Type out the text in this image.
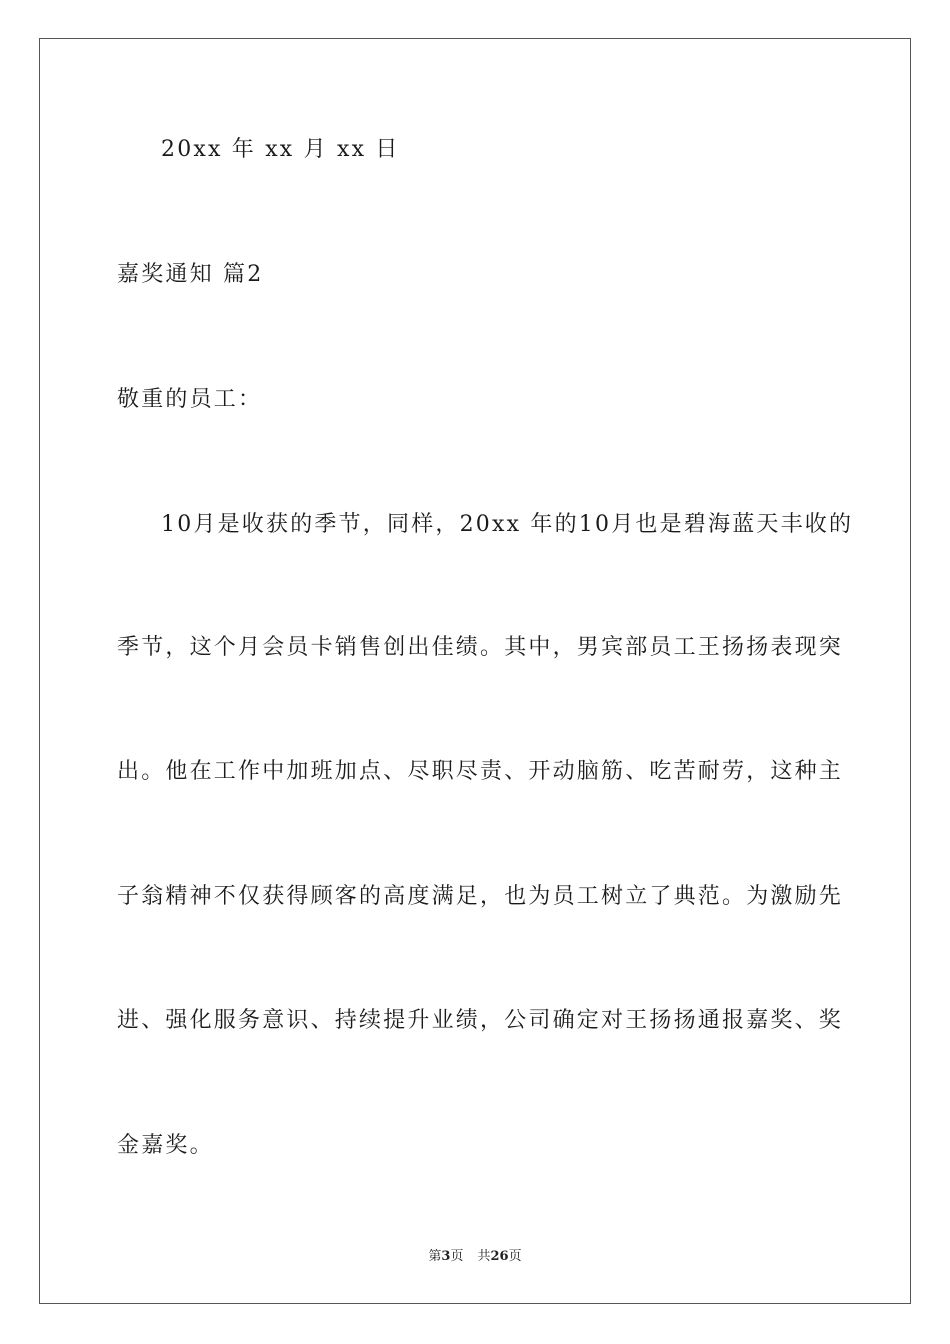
20xx 年 xx 月 xx 日
嘉奖通知 篇2
敬重的员工：
10月是收获的季节，同样，20xx 年的10月也是碧海蓝天丰收的
季节，这个月会员卡销售创出佳绩。其中，男宾部员工王扬扬表现突
出。他在工作中加班加点、尽职尽责、开动脑筋、吃苦耐劳，这种主
子翁精神不仅获得顾客的高度满足，也为员工树立了典范。为激励先
进、强化服务意识、持续提升业绩，公司确定对王扬扬通报嘉奖、奖
金嘉奖。
第3页 共26页
